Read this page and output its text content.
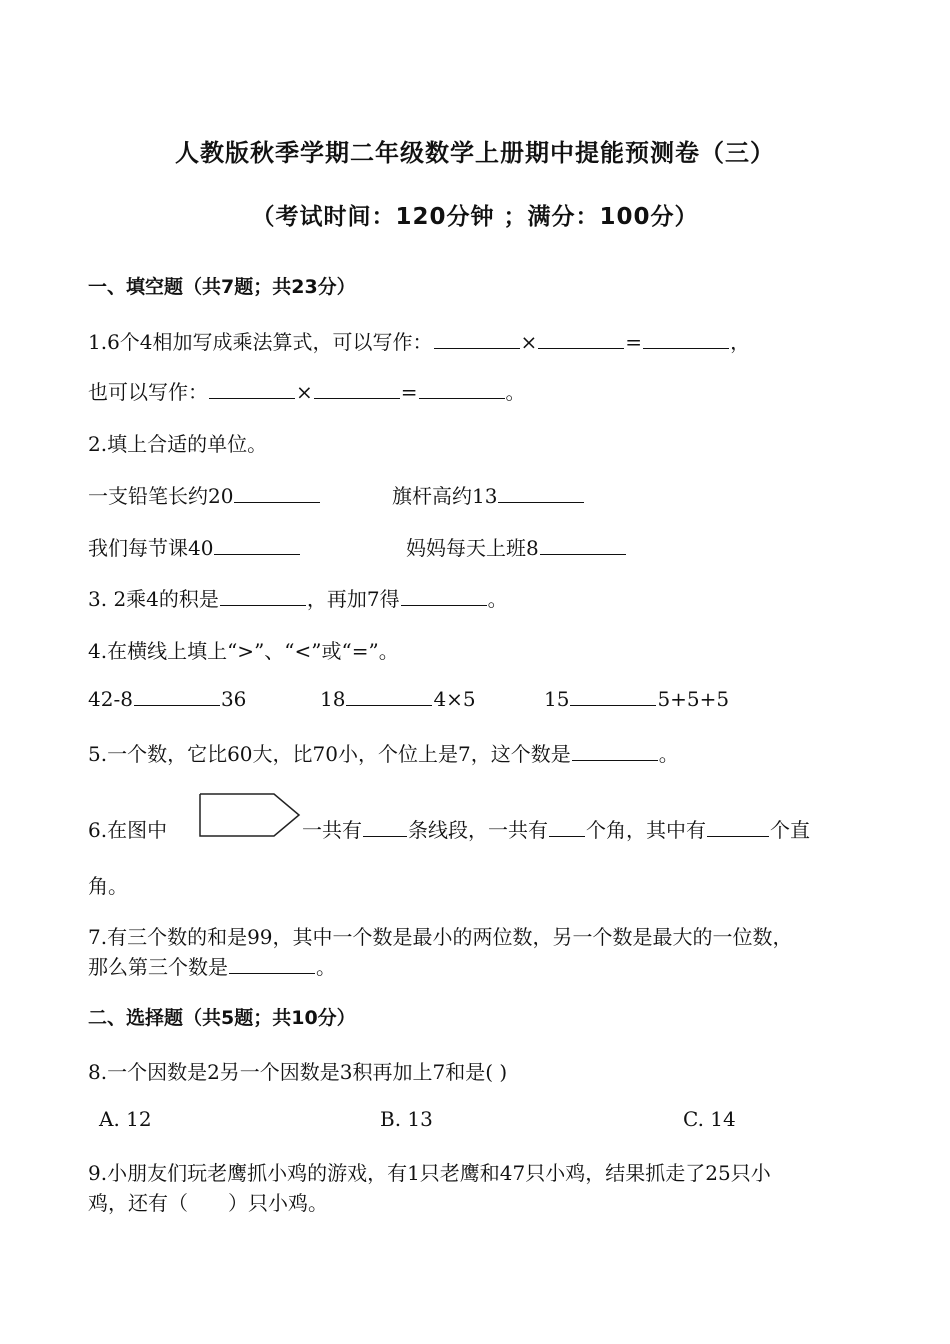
人教版秋季学期二年级数学上册期中提能预测卷（三）
（考试时间：120分钟 ；满分：100分）
一、填空题（共7题；共23分）
1.6个4相加写成乘法算式，可以写作：	×	=	，
也可以写作：	×	=	。
2.填上合适的单位。
一支铅笔长约20	旗杆高约13
我们每节课40	妈妈每天上班8
3. 2乘4的积是	，再加7得	。
4.在横线上填上“>”、“<”或“=”。
42-8	36	18	4×5	15	5+5+5
5.一个数，它比60大，比70小，个位上是7，这个数是	。
6.在图中	一共有 条线段，一共有 个角，其中有	个直
角。
7.有三个数的和是99，其中一个数是最小的两位数，另一个数是最大的一位数，
那么第三个数是	。
二、选择题（共5题；共10分）
8.一个因数是2另一个因数是3积再加上7和是( )
A. 12	B. 13	C. 14
9.小朋友们玩老鹰抓小鸡的游戏，有1只老鹰和47只小鸡，结果抓走了25只小
鸡，还有（　　）只小鸡。
